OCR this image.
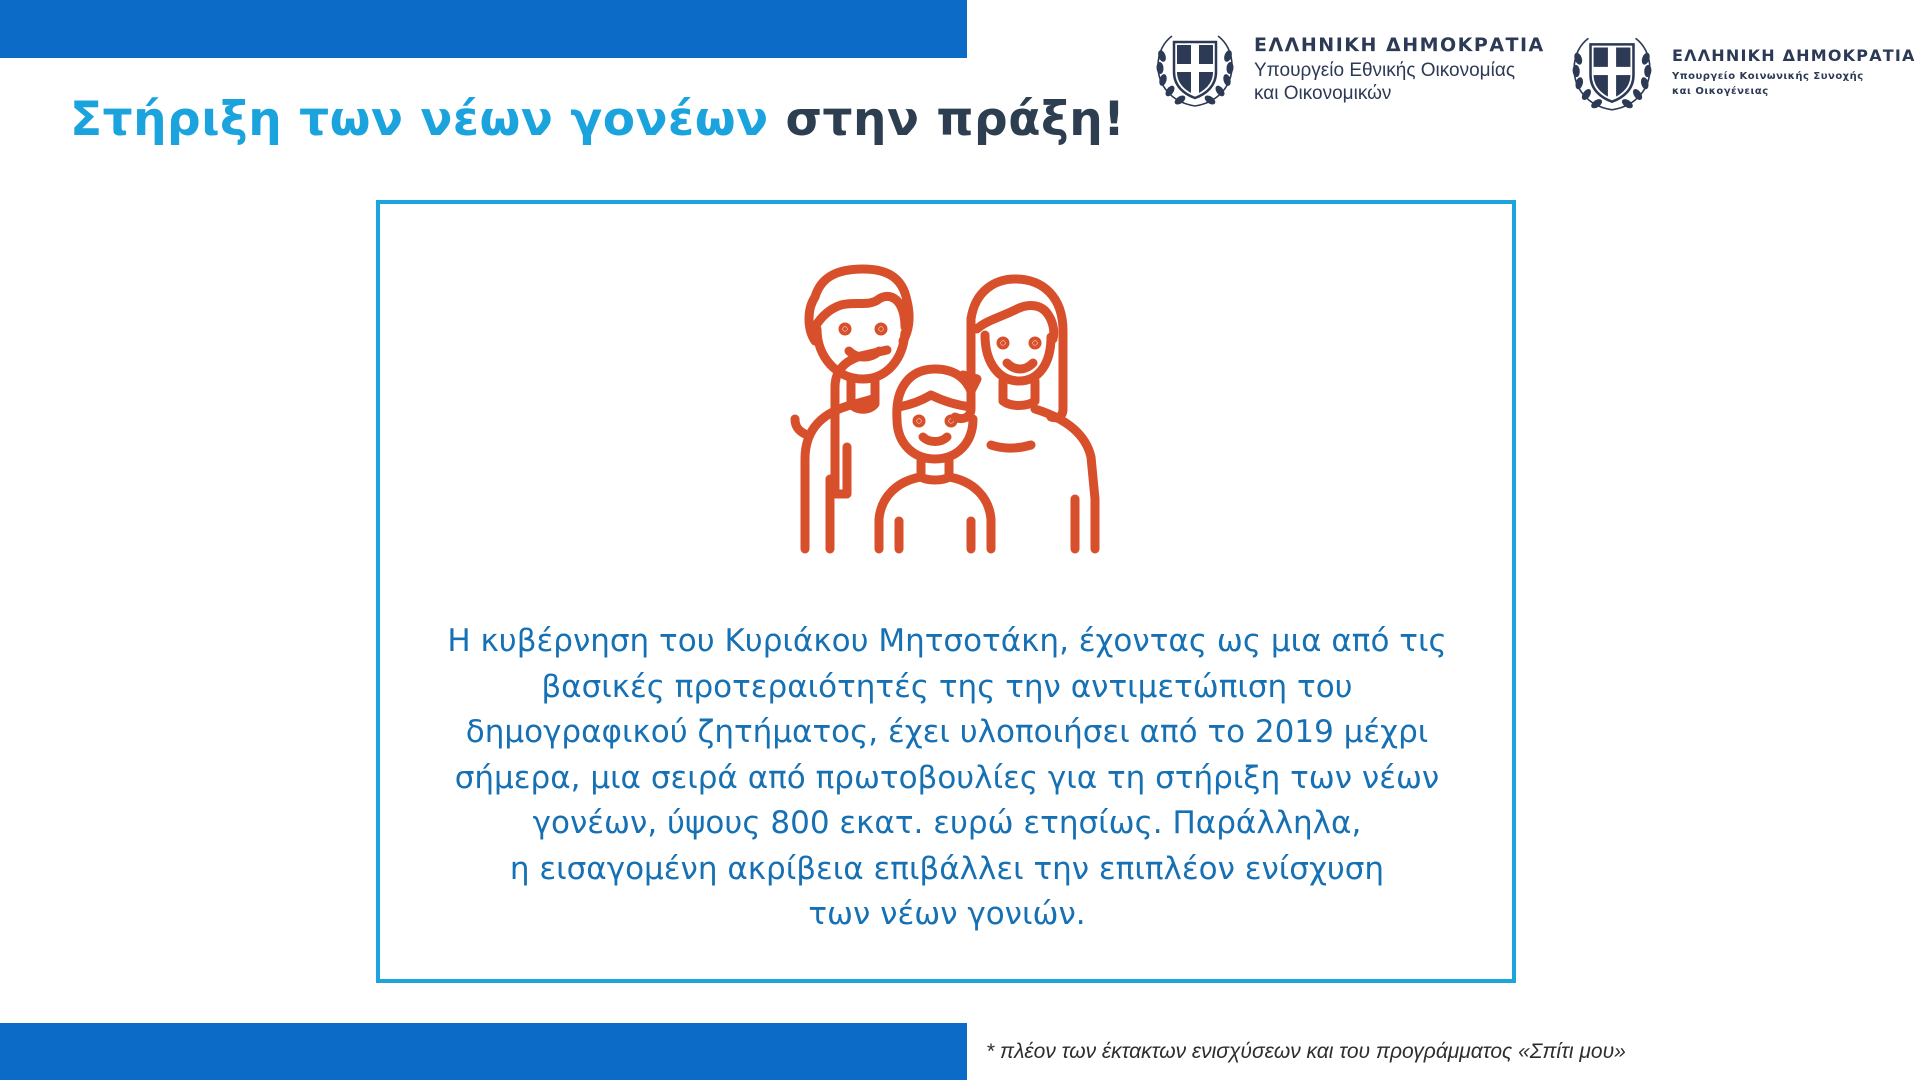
Στήριξη των νέων γονέων στην πράξη!
ΕΛΛΗΝΙΚΗ ΔΗΜΟΚΡΑΤΙΑ
Υπουργείο Εθνικής Οικονομίας
και Οικονομικών
ΕΛΛΗΝΙΚΗ ΔΗΜΟΚΡΑΤΙΑ
Υπουργείο Κοινωνικής Συνοχής
και Οικογένειας
Η κυβέρνηση του Κυριάκου Μητσοτάκη, έχοντας ως μια από τις
βασικές προτεραιότητές της την αντιμετώπιση του
δημογραφικού ζητήματος, έχει υλοποιήσει από το 2019 μέχρι
σήμερα, μια σειρά από πρωτοβουλίες για τη στήριξη των νέων
γονέων, ύψους 800 εκατ. ευρώ ετησίως. Παράλληλα,
η εισαγομένη ακρίβεια επιβάλλει την επιπλέον ενίσχυση
των νέων γονιών.
* πλέον των έκτακτων ενισχύσεων και του προγράμματος «Σπίτι μου»
